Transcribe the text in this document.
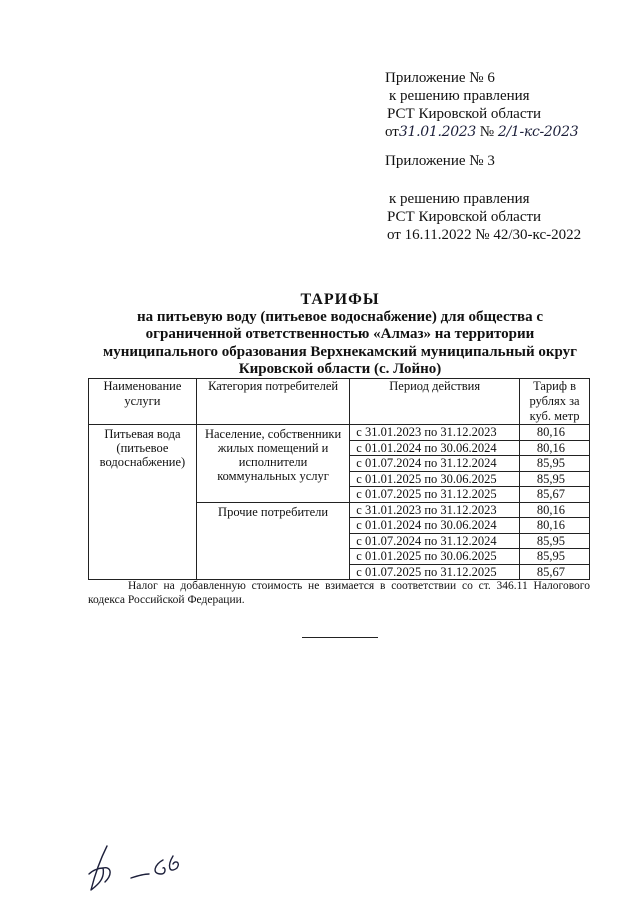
Приложение № 6
к решению правления
РСТ Кировской области
от31.01.2023 № 2/1-кс-2023
Приложение № 3
к решению правления
РСТ Кировской области
от 16.11.2022 № 42/30-кс-2022
ТАРИФЫ
на питьевую воду (питьевое водоснабжение) для общества с
ограниченной ответственностью «Алмаз» на территории
муниципального образования Верхнекамский муниципальный округ
Кировской области (с. Лойно)
Наименование услуги	Категория потребителей	Период действия	Тариф в рублях за куб. метр
Питьевая вода (питьевое водоснабжение)	Население, собственники жилых помещений и исполнители коммунальных услуг	с 31.01.2023 по 31.12.2023	80,16
		с 01.01.2024 по 30.06.2024	80,16
		с 01.07.2024 по 31.12.2024	85,95
		с 01.01.2025 по 30.06.2025	85,95
		с 01.07.2025 по 31.12.2025	85,67
	Прочие потребители	с 31.01.2023 по 31.12.2023	80,16
		с 01.01.2024 по 30.06.2024	80,16
		с 01.07.2024 по 31.12.2024	85,95
		с 01.01.2025 по 30.06.2025	85,95
		с 01.07.2025 по 31.12.2025	85,67
Налог на добавленную стоимость не взимается в соответствии со ст. 346.11 Налогового кодекса Российской Федерации.
